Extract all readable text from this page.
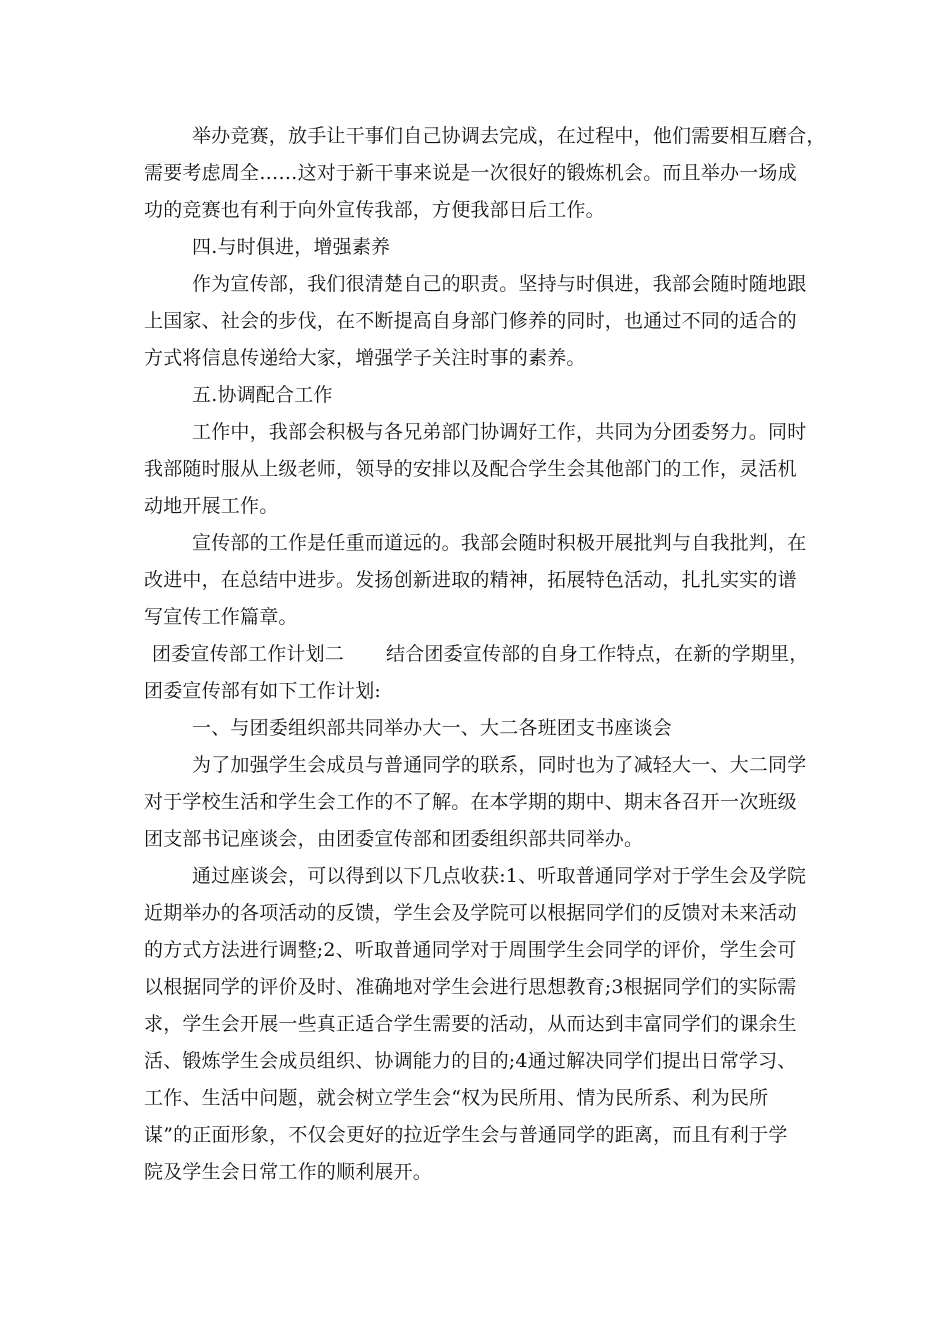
举办竞赛，放手让干事们自己协调去完成，在过程中，他们需要相互磨合，
需要考虑周全……这对于新干事来说是一次很好的锻炼机会。而且举办一场成
功的竞赛也有利于向外宣传我部，方便我部日后工作。
四.与时俱进，增强素养
作为宣传部，我们很清楚自己的职责。坚持与时俱进，我部会随时随地跟
上国家、社会的步伐，在不断提高自身部门修养的同时，也通过不同的适合的
方式将信息传递给大家，增强学子关注时事的素养。
五.协调配合工作
工作中，我部会积极与各兄弟部门协调好工作，共同为分团委努力。同时
我部随时服从上级老师，领导的安排以及配合学生会其他部门的工作，灵活机
动地开展工作。
宣传部的工作是任重而道远的。我部会随时积极开展批判与自我批判，在
改进中，在总结中进步。发扬创新进取的精神，拓展特色活动，扎扎实实的谱
写宣传工作篇章。
团委宣传部工作计划二 结合团委宣传部的自身工作特点，在新的学期里，
团委宣传部有如下工作计划:
一、与团委组织部共同举办大一、大二各班团支书座谈会
为了加强学生会成员与普通同学的联系，同时也为了减轻大一、大二同学
对于学校生活和学生会工作的不了解。在本学期的期中、期末各召开一次班级
团支部书记座谈会，由团委宣传部和团委组织部共同举办。
通过座谈会，可以得到以下几点收获:1、听取普通同学对于学生会及学院
近期举办的各项活动的反馈，学生会及学院可以根据同学们的反馈对未来活动
的方式方法进行调整;2、听取普通同学对于周围学生会同学的评价，学生会可
以根据同学的评价及时、准确地对学生会进行思想教育;3根据同学们的实际需
求，学生会开展一些真正适合学生需要的活动，从而达到丰富同学们的课余生
活、锻炼学生会成员组织、协调能力的目的;4通过解决同学们提出日常学习、
工作、生活中问题，就会树立学生会“权为民所用、情为民所系、利为民所
谋”的正面形象，不仅会更好的拉近学生会与普通同学的距离，而且有利于学
院及学生会日常工作的顺利展开。
